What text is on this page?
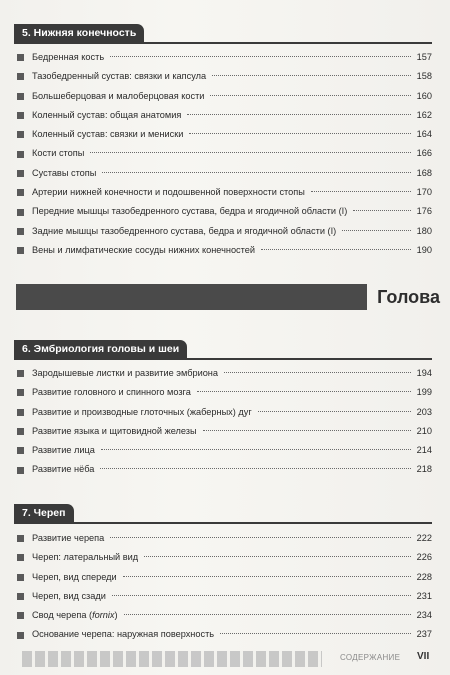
5. Нижняя конечность
Бедренная кость	157
Тазобедренный сустав: связки и капсула	158
Большеберцовая и малоберцовая кости	160
Коленный сустав: общая анатомия	162
Коленный сустав: связки и мениски	164
Кости стопы	166
Суставы стопы	168
Артерии нижней конечности и подошвенной поверхности стопы	170
Передние мышцы тазобедренного сустава, бедра и ягодичной области (I)	176
Задние мышцы тазобедренного сустава, бедра и ягодичной области (I)	180
Вены и лимфатические сосуды нижних конечностей	190
Голова
6. Эмбриология головы и шеи
Зародышевые листки и развитие эмбриона	194
Развитие головного и спинного мозга	199
Развитие и производные глоточных (жаберных) дуг	203
Развитие языка и щитовидной железы	210
Развитие лица	214
Развитие нёба	218
7. Череп
Развитие черепа	222
Череп: латеральный вид	226
Череп, вид спереди	228
Череп, вид сзади	231
Свод черепа (fornix)	234
Основание черепа: наружная поверхность	237
СОДЕРЖАНИЕ VII
